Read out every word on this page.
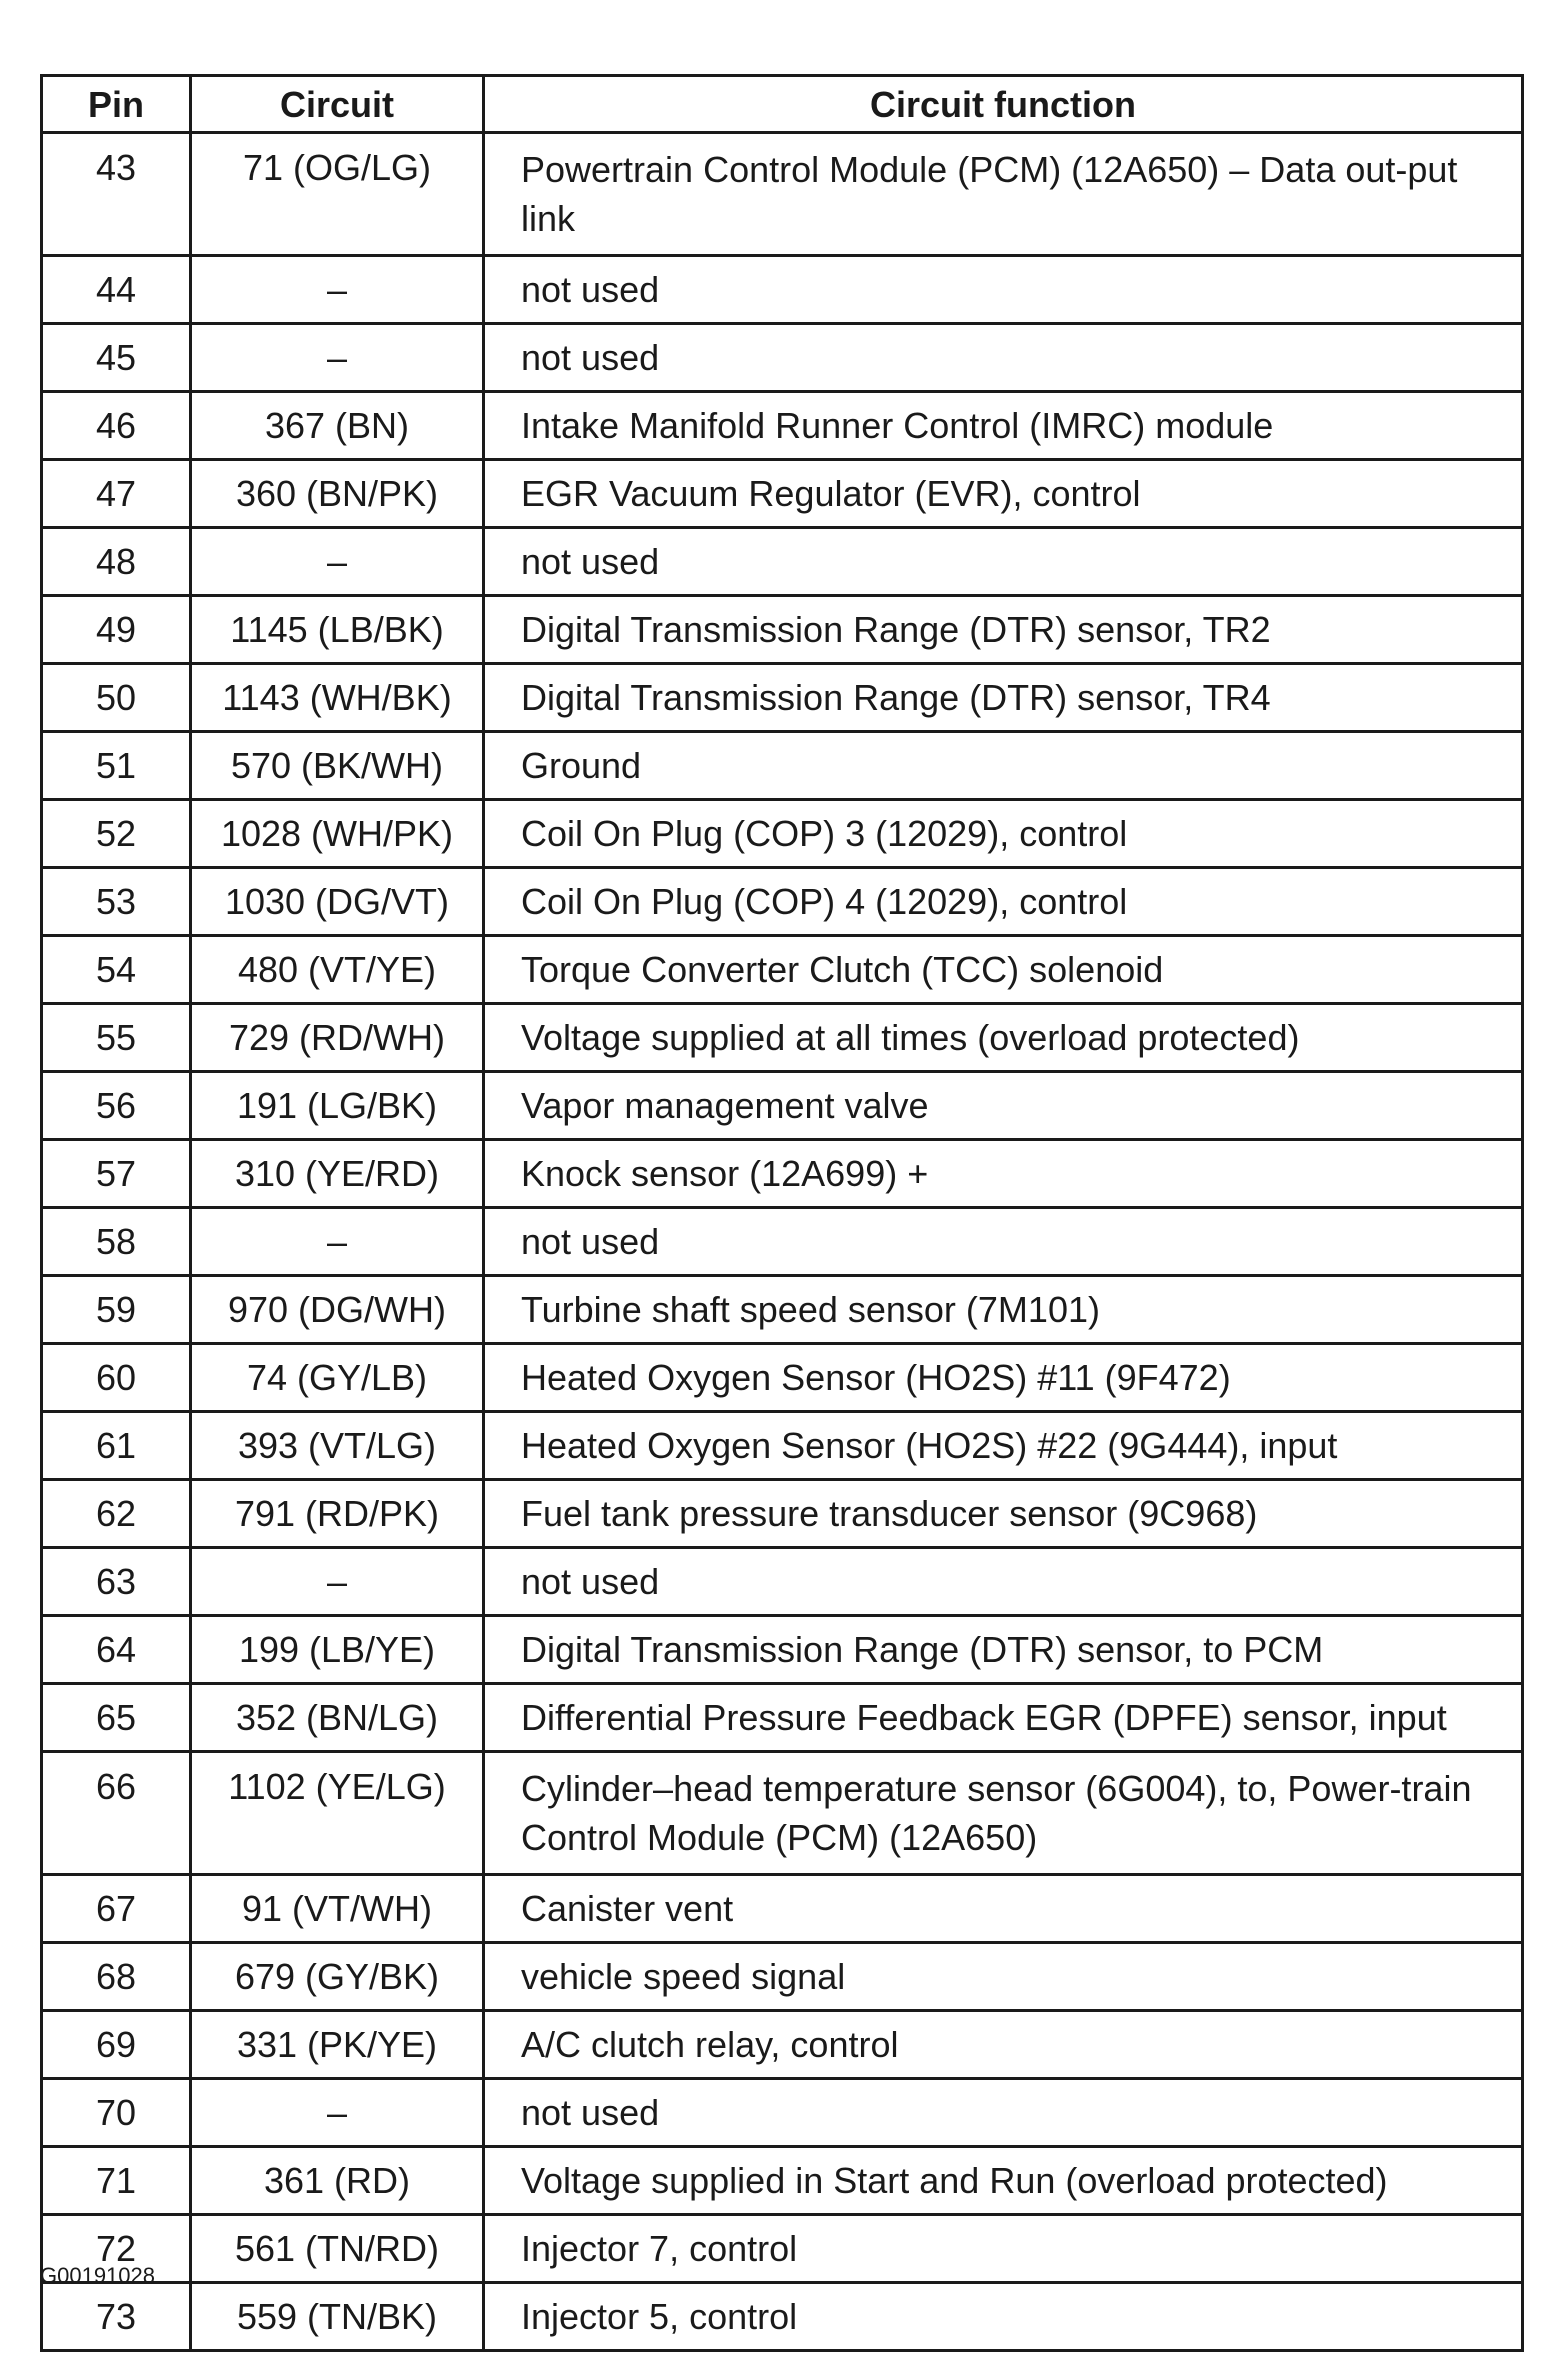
Pin	Circuit	Circuit function
43	71 (OG/LG)	Powertrain Control Module (PCM) (12A650) – Data out-put link
44	–	not used
45	–	not used
46	367 (BN)	Intake Manifold Runner Control (IMRC) module
47	360 (BN/PK)	EGR Vacuum Regulator (EVR), control
48	–	not used
49	1145 (LB/BK)	Digital Transmission Range (DTR) sensor, TR2
50	1143 (WH/BK)	Digital Transmission Range (DTR) sensor, TR4
51	570 (BK/WH)	Ground
52	1028 (WH/PK)	Coil On Plug (COP) 3 (12029), control
53	1030 (DG/VT)	Coil On Plug (COP) 4 (12029), control
54	480 (VT/YE)	Torque Converter Clutch (TCC) solenoid
55	729 (RD/WH)	Voltage supplied at all times (overload protected)
56	191 (LG/BK)	Vapor management valve
57	310 (YE/RD)	Knock sensor (12A699) +
58	–	not used
59	970 (DG/WH)	Turbine shaft speed sensor (7M101)
60	74 (GY/LB)	Heated Oxygen Sensor (HO2S) #11 (9F472)
61	393 (VT/LG)	Heated Oxygen Sensor (HO2S) #22 (9G444), input
62	791 (RD/PK)	Fuel tank pressure transducer sensor (9C968)
63	–	not used
64	199 (LB/YE)	Digital Transmission Range (DTR) sensor, to PCM
65	352 (BN/LG)	Differential Pressure Feedback EGR (DPFE) sensor, input
66	1102 (YE/LG)	Cylinder–head temperature sensor (6G004), to, Power-train Control Module (PCM) (12A650)
67	91 (VT/WH)	Canister vent
68	679 (GY/BK)	vehicle speed signal
69	331 (PK/YE)	A/C clutch relay, control
70	–	not used
71	361 (RD)	Voltage supplied in Start and Run (overload protected)
72	561 (TN/RD)	Injector 7, control
73	559 (TN/BK)	Injector 5, control
G00191028
